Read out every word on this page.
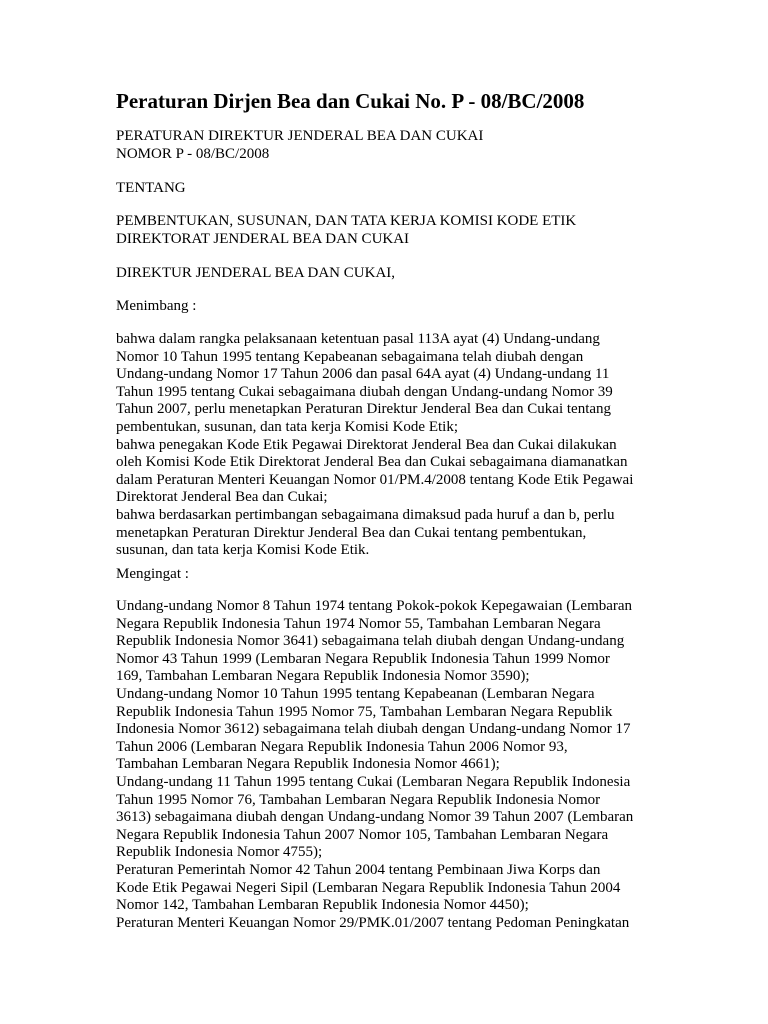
Peraturan Dirjen Bea dan Cukai No. P - 08/BC/2008
PERATURAN DIREKTUR JENDERAL BEA DAN CUKAI
NOMOR P - 08/BC/2008
TENTANG
PEMBENTUKAN, SUSUNAN, DAN TATA KERJA KOMISI KODE ETIK
DIREKTORAT JENDERAL BEA DAN CUKAI
DIREKTUR JENDERAL BEA DAN CUKAI,
Menimbang :
bahwa dalam rangka pelaksanaan ketentuan pasal 113A ayat (4) Undang-undang
Nomor 10 Tahun 1995 tentang Kepabeanan sebagaimana telah diubah dengan
Undang-undang Nomor 17 Tahun 2006 dan pasal 64A ayat (4) Undang-undang 11
Tahun 1995 tentang Cukai sebagaimana diubah dengan Undang-undang Nomor 39
Tahun 2007, perlu menetapkan Peraturan Direktur Jenderal Bea dan Cukai tentang
pembentukan, susunan, dan tata kerja Komisi Kode Etik;
bahwa penegakan Kode Etik Pegawai Direktorat Jenderal Bea dan Cukai dilakukan
oleh Komisi Kode Etik Direktorat Jenderal Bea dan Cukai sebagaimana diamanatkan
dalam Peraturan Menteri Keuangan Nomor 01/PM.4/2008 tentang Kode Etik Pegawai
Direktorat Jenderal Bea dan Cukai;
bahwa berdasarkan pertimbangan sebagaimana dimaksud pada huruf a dan b, perlu
menetapkan Peraturan Direktur Jenderal Bea dan Cukai tentang pembentukan,
susunan, dan tata kerja Komisi Kode Etik.
Mengingat :
Undang-undang Nomor 8 Tahun 1974 tentang Pokok-pokok Kepegawaian (Lembaran
Negara Republik Indonesia Tahun 1974 Nomor 55, Tambahan Lembaran Negara
Republik Indonesia Nomor 3641) sebagaimana telah diubah dengan Undang-undang
Nomor 43 Tahun 1999 (Lembaran Negara Republik Indonesia Tahun 1999 Nomor
169, Tambahan Lembaran Negara Republik Indonesia Nomor 3590);
Undang-undang Nomor 10 Tahun 1995 tentang Kepabeanan (Lembaran Negara
Republik Indonesia Tahun 1995 Nomor 75, Tambahan Lembaran Negara Republik
Indonesia Nomor 3612) sebagaimana telah diubah dengan Undang-undang Nomor 17
Tahun 2006 (Lembaran Negara Republik Indonesia Tahun 2006 Nomor 93,
Tambahan Lembaran Negara Republik Indonesia Nomor 4661);
Undang-undang 11 Tahun 1995 tentang Cukai (Lembaran Negara Republik Indonesia
Tahun 1995 Nomor 76, Tambahan Lembaran Negara Republik Indonesia Nomor
3613) sebagaimana diubah dengan Undang-undang Nomor 39 Tahun 2007 (Lembaran
Negara Republik Indonesia Tahun 2007 Nomor 105, Tambahan Lembaran Negara
Republik Indonesia Nomor 4755);
Peraturan Pemerintah Nomor 42 Tahun 2004 tentang Pembinaan Jiwa Korps dan
Kode Etik Pegawai Negeri Sipil (Lembaran Negara Republik Indonesia Tahun 2004
Nomor 142, Tambahan Lembaran Republik Indonesia Nomor 4450);
Peraturan Menteri Keuangan Nomor 29/PMK.01/2007 tentang Pedoman Peningkatan
